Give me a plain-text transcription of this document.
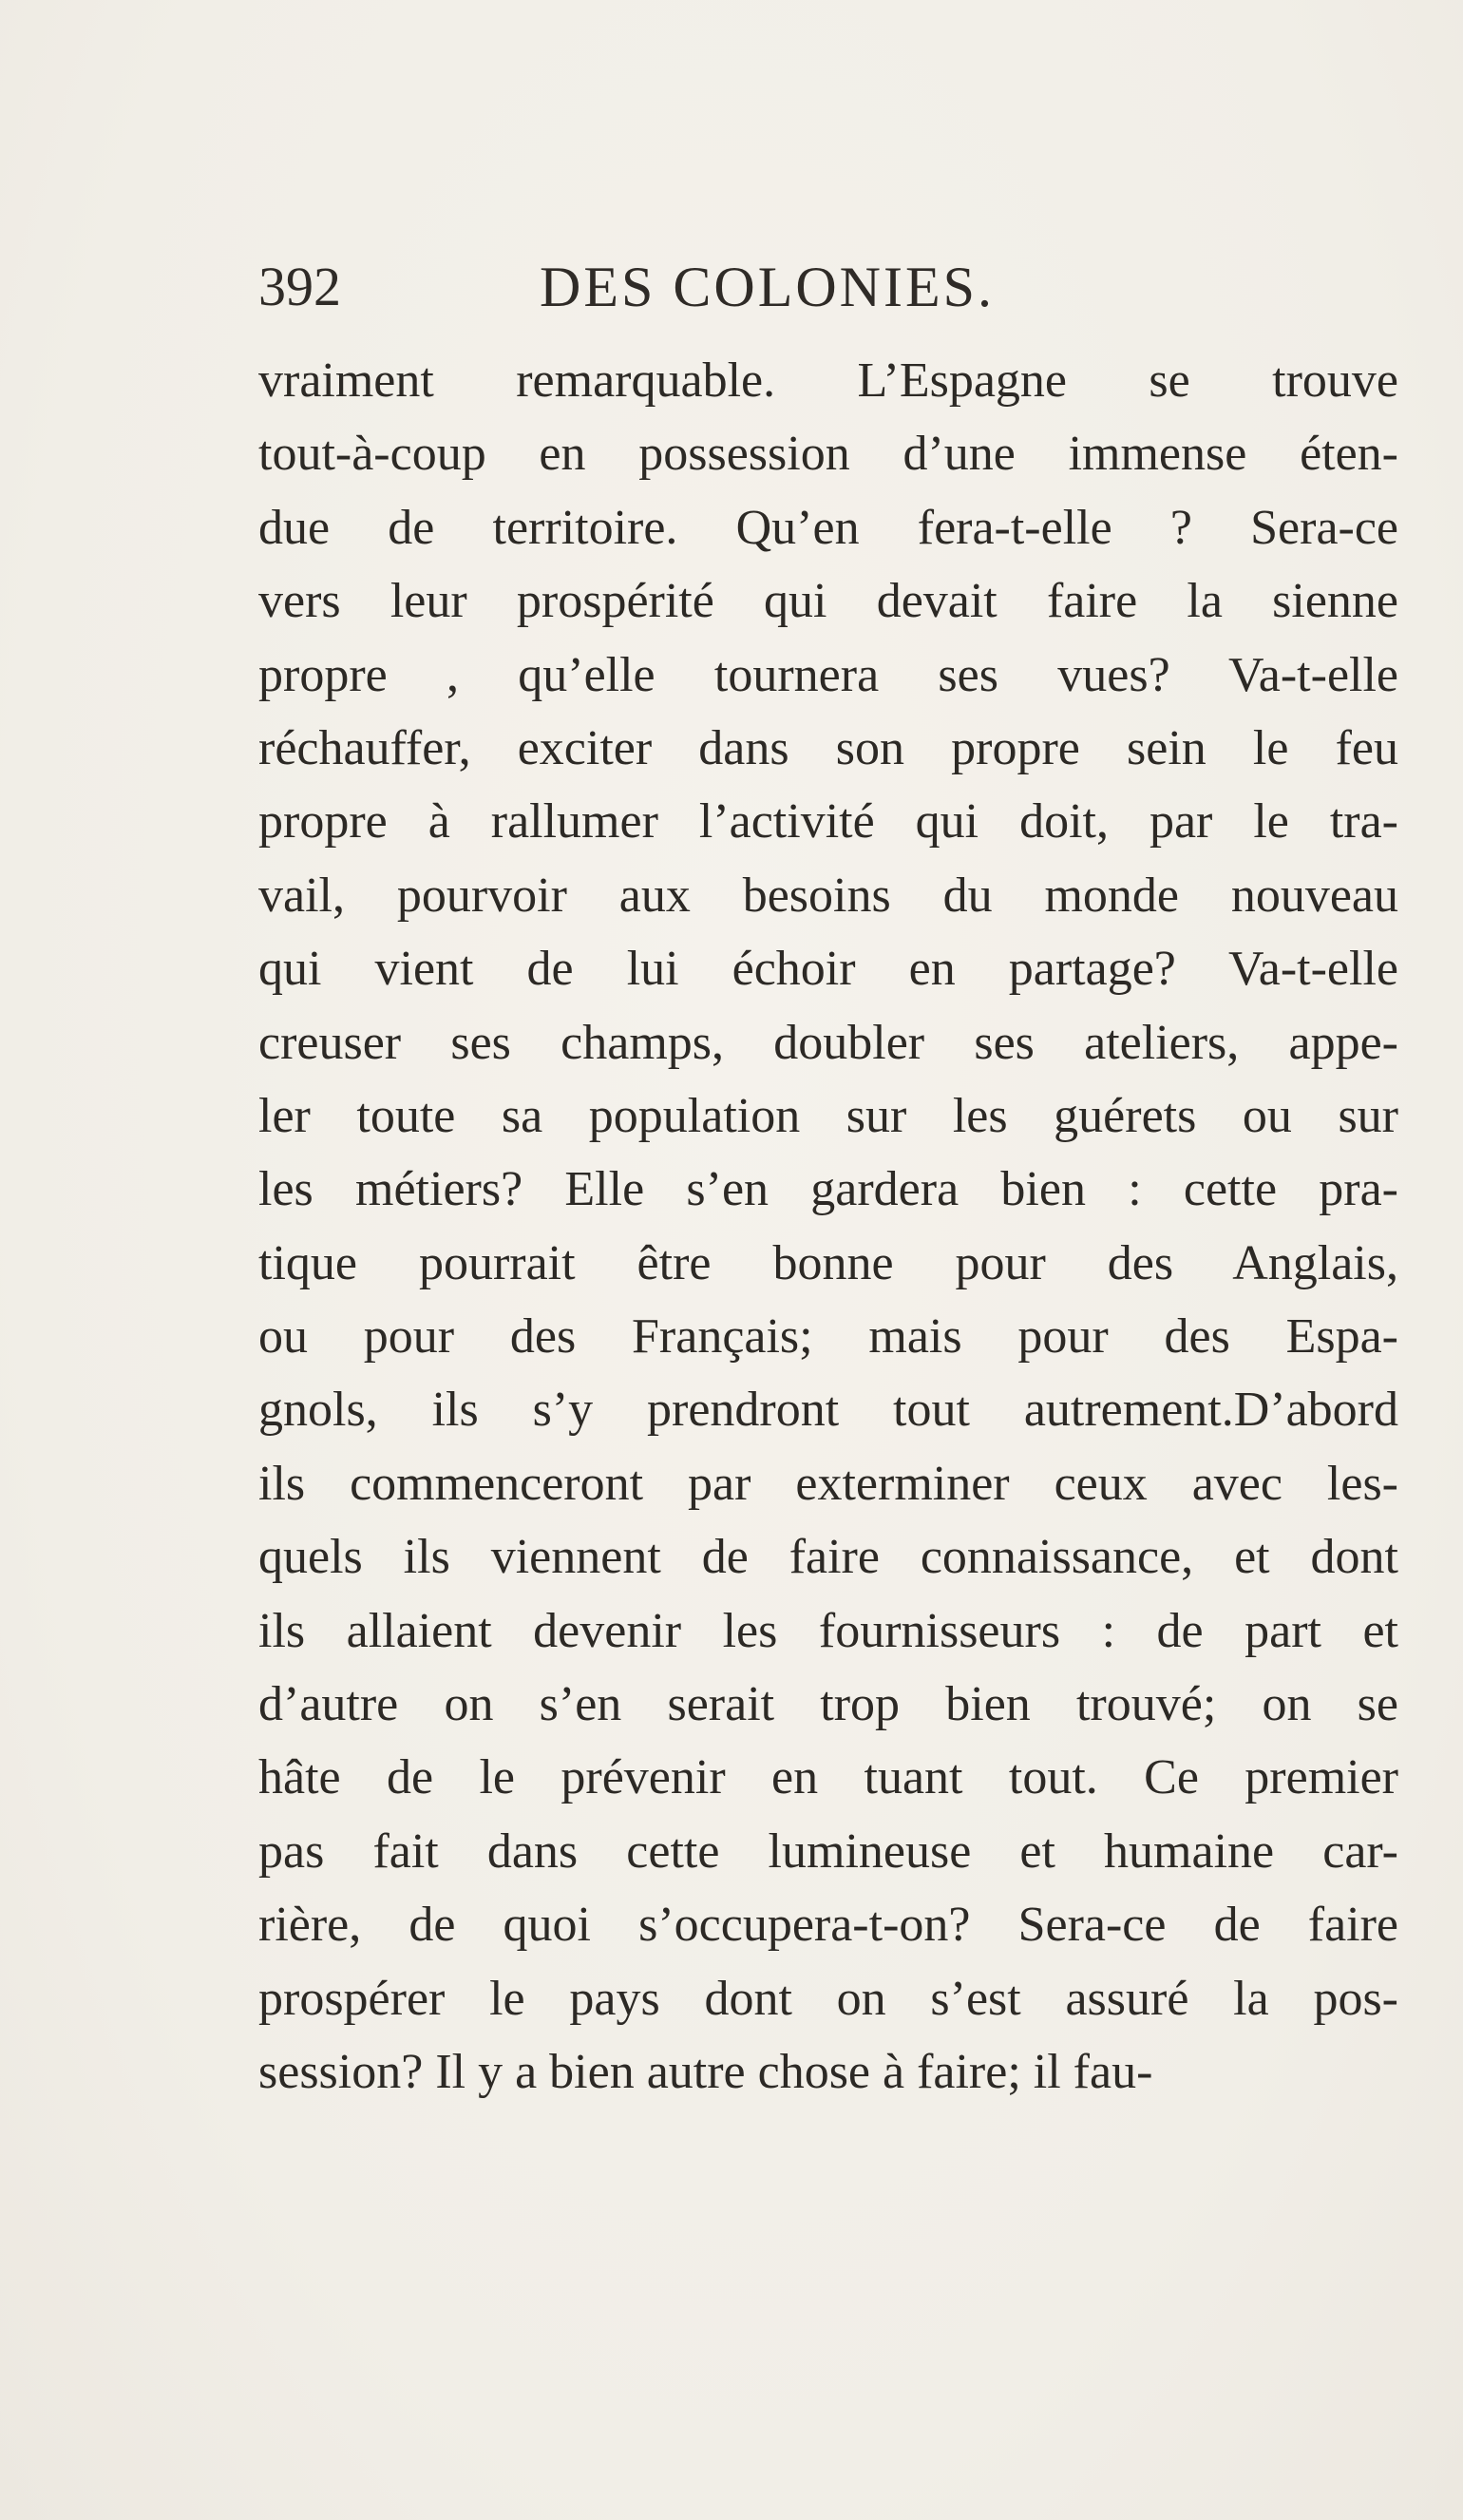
392	DES COLONIES.
vraiment remarquable. L’Espagne se trouve
tout-à-coup en possession d’une immense éten-
due de territoire. Qu’en fera-t-elle ? Sera-ce
vers leur prospérité qui devait faire la sienne
propre , qu’elle tournera ses vues? Va-t-elle
réchauffer, exciter dans son propre sein le feu
propre à rallumer l’activité qui doit, par le tra-
vail, pourvoir aux besoins du monde nouveau
qui vient de lui échoir en partage? Va-t-elle
creuser ses champs, doubler ses ateliers, appe-
ler toute sa population sur les guérets ou sur
les métiers? Elle s’en gardera bien : cette pra-
tique pourrait être bonne pour des Anglais,
ou pour des Français; mais pour des Espa-
gnols, ils s’y prendront tout autrement.D’abord
ils commenceront par exterminer ceux avec les-
quels ils viennent de faire connaissance, et dont
ils allaient devenir les fournisseurs : de part et
d’autre on s’en serait trop bien trouvé; on se
hâte de le prévenir en tuant tout. Ce premier
pas fait dans cette lumineuse et humaine car-
rière, de quoi s’occupera-t-on? Sera-ce de faire
prospérer le pays dont on s’est assuré la pos-
session? Il y a bien autre chose à faire; il fau-
